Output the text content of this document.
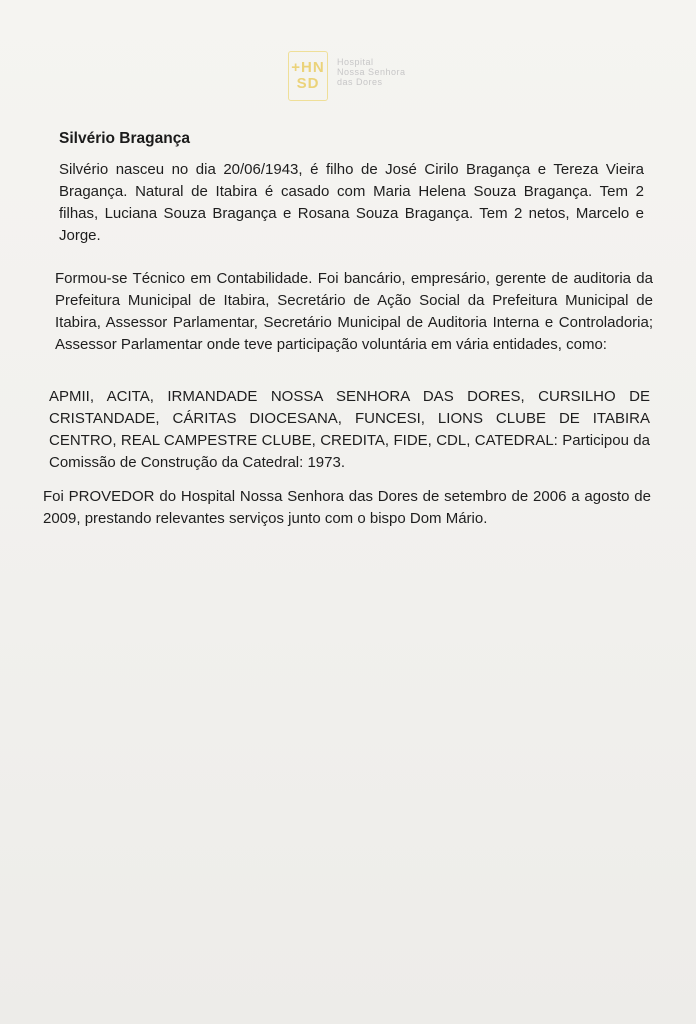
+HN
SD
Hospital
Nossa Senhora
das Dores
Silvério Bragança

Silvério nasceu no dia 20/06/1943, é filho de José Cirilo Bragança e Tereza Vieira Bragança. Natural de Itabira é casado com Maria Helena Souza Bragança. Tem 2 filhas, Luciana Souza Bragança e Rosana Souza Bragança. Tem 2 netos, Marcelo e Jorge.

Formou-se Técnico em Contabilidade. Foi bancário, empresário, gerente de auditoria da Prefeitura Municipal de Itabira, Secretário de Ação Social da Prefeitura Municipal de Itabira, Assessor Parlamentar, Secretário Municipal de Auditoria Interna e Controladoria; Assessor Parlamentar onde teve participação voluntária em vária entidades, como:

APMII, ACITA, IRMANDADE NOSSA SENHORA DAS DORES, CURSILHO DE CRISTANDADE, CÁRITAS DIOCESANA, FUNCESI, LIONS CLUBE DE ITABIRA CENTRO, REAL CAMPESTRE CLUBE, CREDITA, FIDE, CDL, CATEDRAL: Participou da Comissão de Construção da Catedral: 1973.

Foi PROVEDOR do Hospital Nossa Senhora das Dores de setembro de 2006 a agosto de 2009, prestando relevantes serviços junto com o bispo Dom Mário.
